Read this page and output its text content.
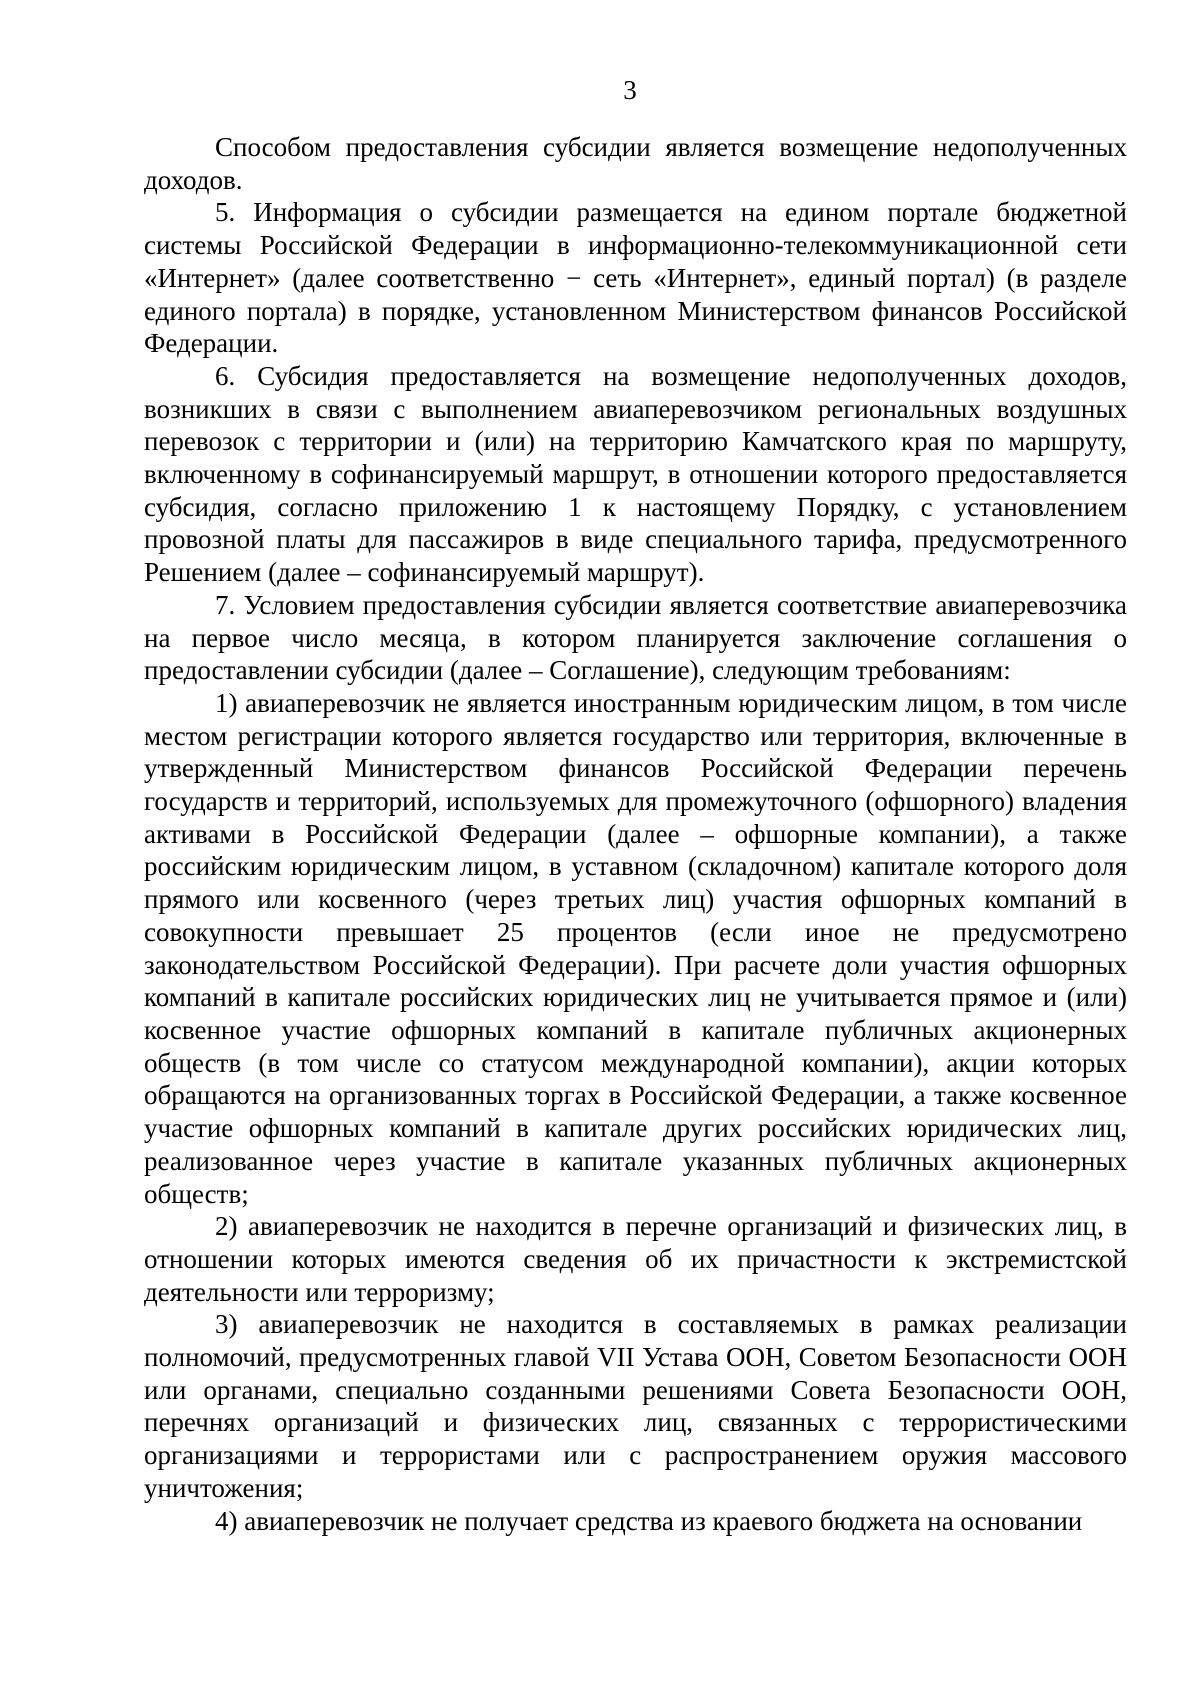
3

Способом предоставления субсидии является возмещение недополученных доходов.

5. Информация о субсидии размещается на едином портале бюджетной системы Российской Федерации в информационно-телекоммуникационной сети «Интернет» (далее соответственно − сеть «Интернет», единый портал) (в разделе единого портала) в порядке, установленном Министерством финансов Российской Федерации.

6. Субсидия предоставляется на возмещение недополученных доходов, возникших в связи с выполнением авиаперевозчиком региональных воздушных перевозок с территории и (или) на территорию Камчатского края по маршруту, включенному в софинансируемый маршрут, в отношении которого предоставляется субсидия, согласно приложению 1 к настоящему Порядку, с установлением провозной платы для пассажиров в виде специального тарифа, предусмотренного Решением (далее – софинансируемый маршрут).

7. Условием предоставления субсидии является соответствие авиаперевозчика на первое число месяца, в котором планируется заключение соглашения о предоставлении субсидии (далее – Соглашение), следующим требованиям:

1) авиаперевозчик не является иностранным юридическим лицом, в том числе местом регистрации которого является государство или территория, включенные в утвержденный Министерством финансов Российской Федерации перечень государств и территорий, используемых для промежуточного (офшорного) владения активами в Российской Федерации (далее – офшорные компании), а также российским юридическим лицом, в уставном (складочном) капитале которого доля прямого или косвенного (через третьих лиц) участия офшорных компаний в совокупности превышает 25 процентов (если иное не предусмотрено законодательством Российской Федерации). При расчете доли участия офшорных компаний в капитале российских юридических лиц не учитывается прямое и (или) косвенное участие офшорных компаний в капитале публичных акционерных обществ (в том числе со статусом международной компании), акции которых обращаются на организованных торгах в Российской Федерации, а также косвенное участие офшорных компаний в капитале других российских юридических лиц, реализованное через участие в капитале указанных публичных акционерных обществ;

2) авиаперевозчик не находится в перечне организаций и физических лиц, в отношении которых имеются сведения об их причастности к экстремистской деятельности или терроризму;

3) авиаперевозчик не находится в составляемых в рамках реализации полномочий, предусмотренных главой VII Устава ООН, Советом Безопасности ООН или органами, специально созданными решениями Совета Безопасности ООН, перечнях организаций и физических лиц, связанных с террористическими организациями и террористами или с распространением оружия массового уничтожения;

4) авиаперевозчик не получает средства из краевого бюджета на основании
